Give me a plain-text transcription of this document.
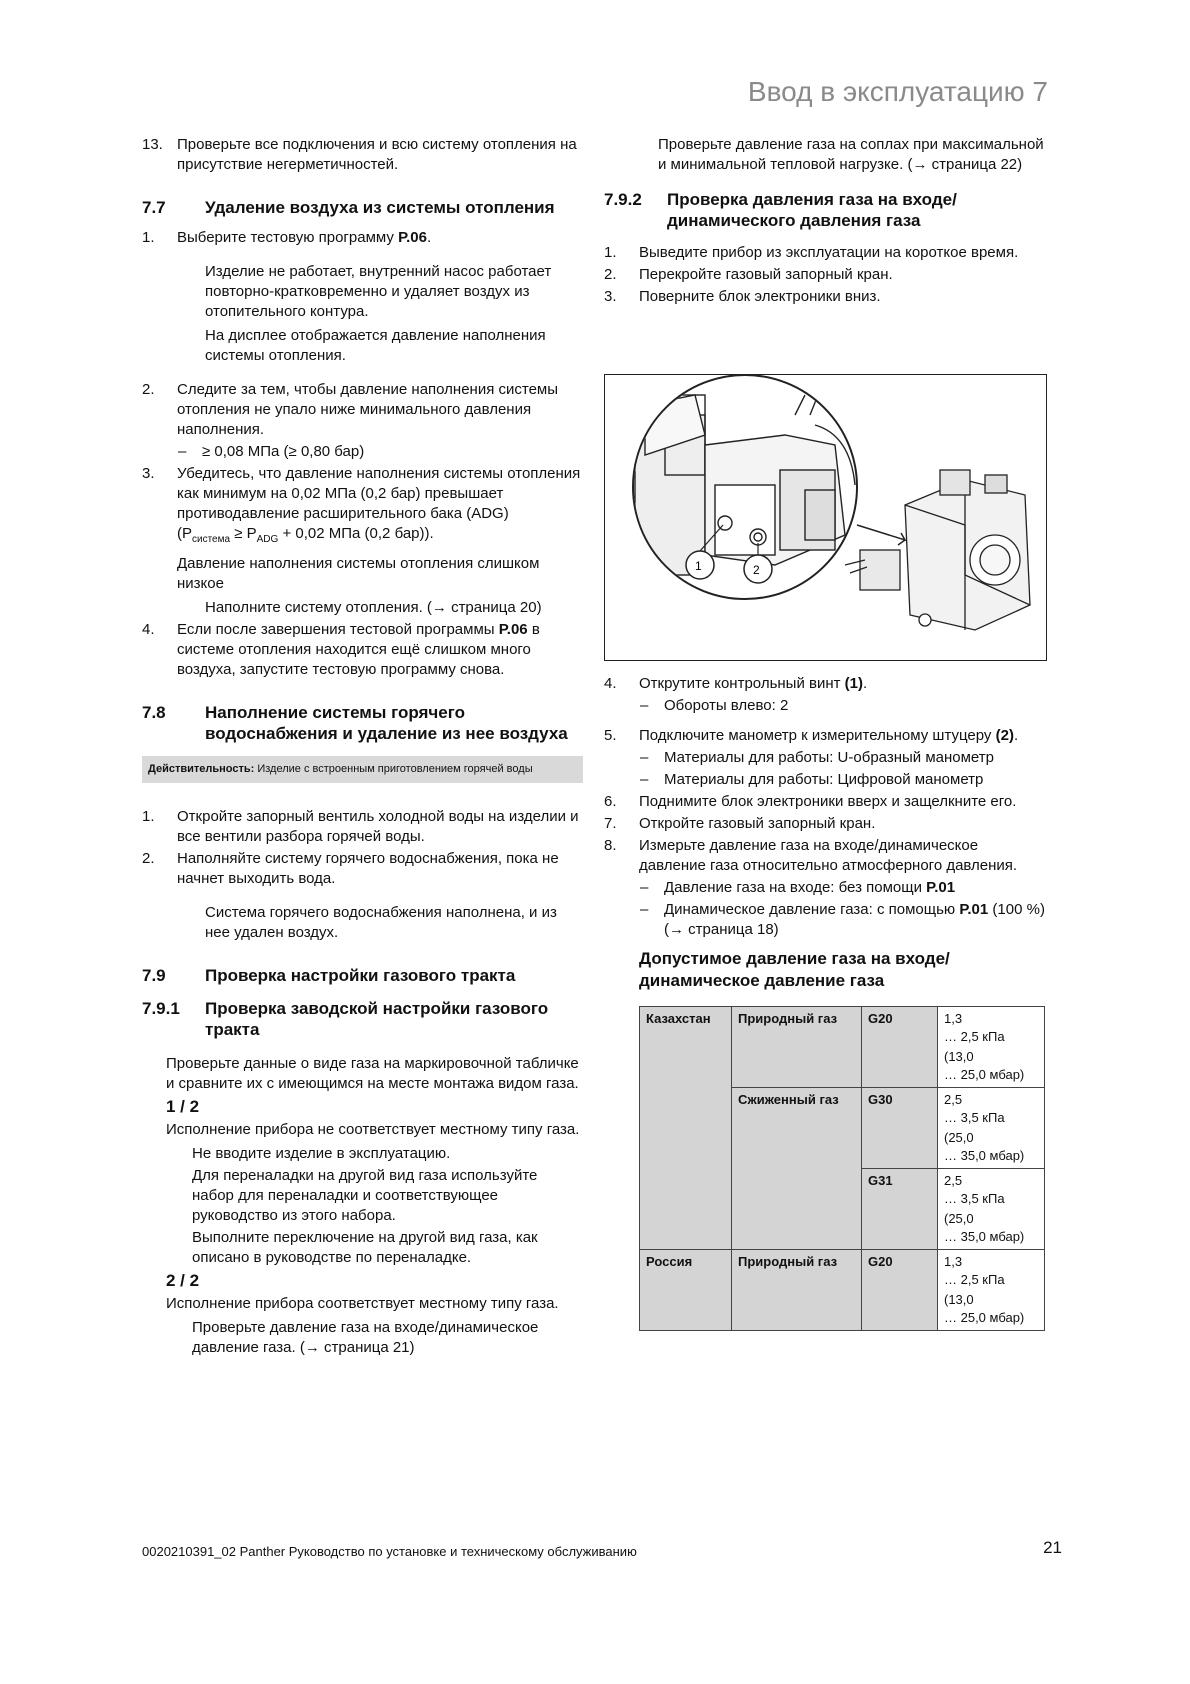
Ввод в эксплуатацию 7
13. Проверьте все подключения и всю систему отопления на присутствие негерметичностей.
7.7 Удаление воздуха из системы отопления
1. Выберите тестовую программу P.06.
Изделие не работает, внутренний насос работает повторно-кратковременно и удаляет воздух из отопительного контура.
На дисплее отображается давление наполнения системы отопления.
2. Следите за тем, чтобы давление наполнения системы отопления не упало ниже минимального давления наполнения.
– ≥ 0,08 МПа (≥ 0,80 бар)
3. Убедитесь, что давление наполнения системы отопления как минимум на 0,02 МПа (0,2 бар) превышает противодавление расширительного бака (ADG)
($P_{система} \ge P_{ADG} + 0,02$ МПа (0,2 бар)).
Давление наполнения системы отопления слишком низкое
Наполните систему отопления. (→ страница 20)
4. Если после завершения тестовой программы P.06 в системе отопления находится ещё слишком много воздуха, запустите тестовую программу снова.
7.8 Наполнение системы горячего водоснабжения и удаление из нее воздуха
Действительность: Изделие с встроенным приготовлением горячей воды
1. Откройте запорный вентиль холодной воды на изделии и все вентили разбора горячей воды.
2. Наполняйте систему горячего водоснабжения, пока не начнет выходить вода.
Система горячего водоснабжения наполнена, и из нее удален воздух.
7.9 Проверка настройки газового тракта
7.9.1 Проверка заводской настройки газового тракта
Проверьте данные о виде газа на маркировочной табличке и сравните их с имеющимся на месте монтажа видом газа.
1 / 2
Исполнение прибора не соответствует местному типу газа.
Не вводите изделие в эксплуатацию.
Для переналадки на другой вид газа используйте набор для переналадки и соответствующее руководство из этого набора.
Выполните переключение на другой вид газа, как описано в руководстве по переналадке.
2 / 2
Исполнение прибора соответствует местному типу газа.
Проверьте давление газа на входе/динамическое давление газа. (→ страница 21)
Проверьте давление газа на соплах при максимальной и минимальной тепловой нагрузке. (→ страница 22)
7.9.2 Проверка давления газа на входе/динамического давления газа
1. Выведите прибор из эксплуатации на короткое время.
2. Перекройте газовый запорный кран.
3. Поверните блок электроники вниз.
1	2
4. Открутите контрольный винт (1).
– Обороты влево: 2
5. Подключите манометр к измерительному штуцеру (2).
– Материалы для работы: U-образный манометр
– Материалы для работы: Цифровой манометр
6. Поднимите блок электроники вверх и защелкните его.
7. Откройте газовый запорный кран.
8. Измерьте давление газа на входе/динамическое давление газа относительно атмосферного давления.
– Давление газа на входе: без помощи P.01
– Динамическое давление газа: с помощью P.01 (100 %) (→ страница 18)
Допустимое давление газа на входе/динамическое давление газа
Казахстан	Природный газ	G20	1,3
… 2,5 кПа
(13,0
… 25,0 мбар)

	Сжиженный газ	G30	2,5
… 3,5 кПа
(25,0
… 35,0 мбар)

		G31	2,5
… 3,5 кПа
(25,0
… 35,0 мбар)

Россия	Природный газ	G20	1,3
… 2,5 кПа
(13,0
… 25,0 мбар)
0020210391_02 Panther Руководство по установке и техническому обслуживанию	21
